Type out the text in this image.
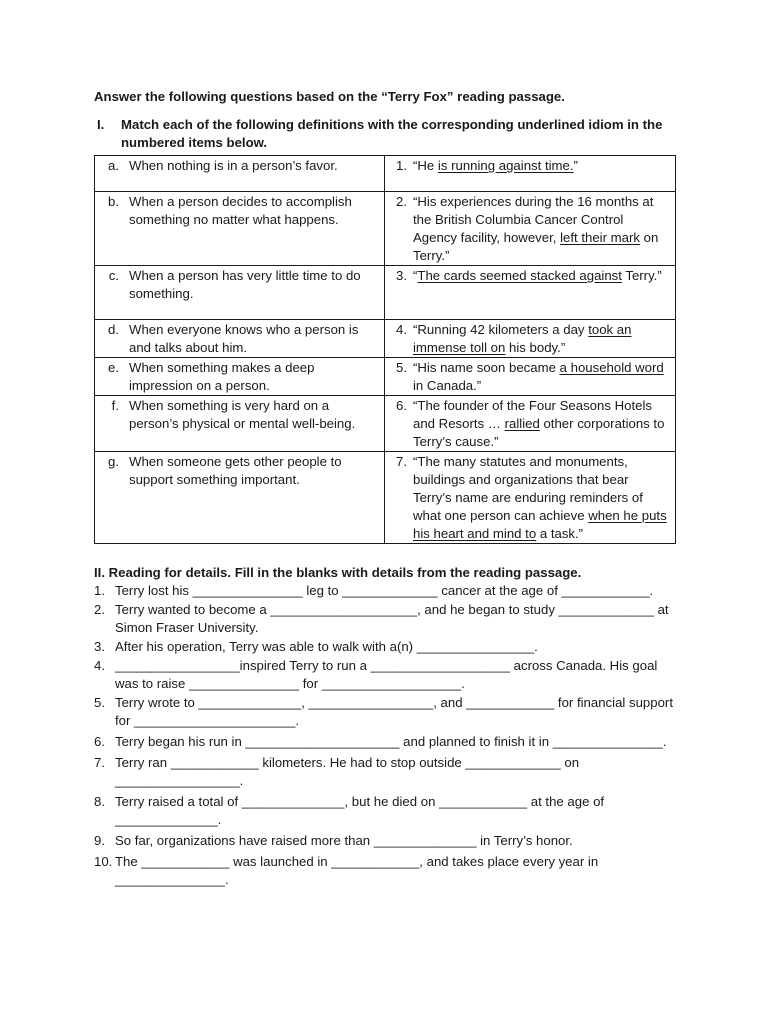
Answer the following questions based on the “Terry Fox” reading passage.
I. Match each of the following definitions with the corresponding underlined idiom in the numbered items below.
a. When nothing is in a person’s favor.	1. “He is running against time.”

b. When a person decides to accomplish something no matter what happens.	2. “His experiences during the 16 months at the British Columbia Cancer Control Agency facility, however, left their mark on Terry.”

c. When a person has very little time to do something.	3. “The cards seemed stacked against Terry.”

d. When everyone knows who a person is and talks about him.	4. “Running 42 kilometers a day took an immense toll on his body.”

e. When something makes a deep impression on a person.	5. “His name soon became a household word in Canada.”

f. When something is very hard on a person’s physical or mental well-being.	6. “The founder of the Four Seasons Hotels and Resorts … rallied other corporations to Terry’s cause.”

g. When someone gets other people to support something important.	7. “The many statutes and monuments, buildings and organizations that bear Terry’s name are enduring reminders of what one person can achieve when he puts his heart and mind to a task.”
II. Reading for details. Fill in the blanks with details from the reading passage.
1. Terry lost his _______________ leg to _____________ cancer at the age of ____________.
2. Terry wanted to become a ____________________, and he began to study _____________ at Simon Fraser University.
3. After his operation, Terry was able to walk with a(n) ________________.
4. _________________inspired Terry to run a ___________________ across Canada. His goal was to raise _______________ for ___________________.
5. Terry wrote to ______________, _________________, and ____________ for financial support for ______________________.
6. Terry began his run in _____________________ and planned to finish it in _______________.
7. Terry ran ____________ kilometers. He had to stop outside _____________ on _________________.
8. Terry raised a total of ______________, but he died on ____________ at the age of ______________.
9. So far, organizations have raised more than ______________ in Terry’s honor.
10. The ____________ was launched in ____________, and takes place every year in _______________.
